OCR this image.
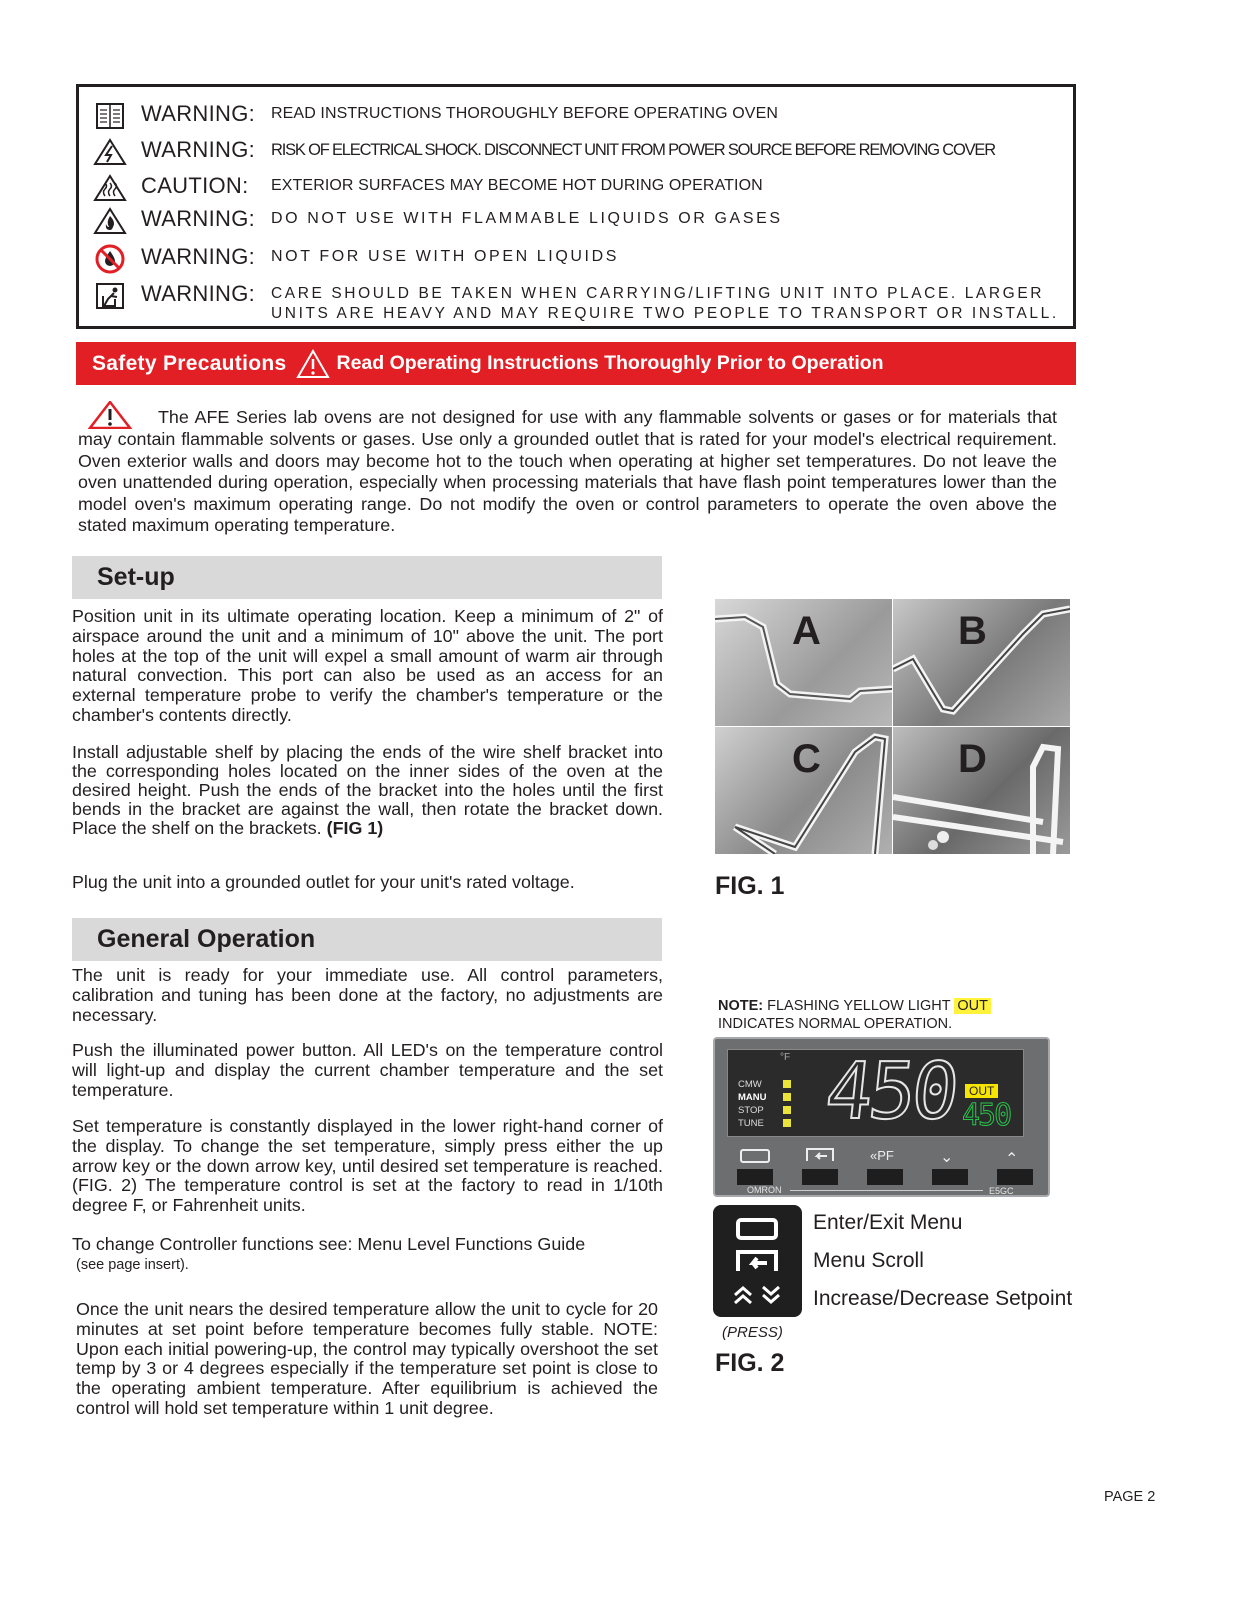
WARNING: READ INSTRUCTIONS THOROUGHLY BEFORE OPERATING OVEN
WARNING: RISK OF ELECTRICAL SHOCK. DISCONNECT UNIT FROM POWER SOURCE BEFORE REMOVING COVER
CAUTION:	EXTERIOR SURFACES MAY BECOME HOT DURING OPERATION
WARNING: DO NOT USE WITH FLAMMABLE LIQUIDS OR GASES
WARNING: NOT FOR USE WITH OPEN LIQUIDS
WARNING:	CARE SHOULD BE TAKEN WHEN CARRYING/LIFTING UNIT INTO PLACE. LARGER
UNITS ARE HEAVY AND MAY REQUIRE TWO PEOPLE TO TRANSPORT OR INSTALL.
Safety Precautions	Read Operating Instructions Thoroughly Prior to Operation
The AFE Series lab ovens are not designed for use with any flammable solvents or gases or for materials that may contain flammable solvents or gases. Use only a grounded outlet that is rated for your model's electrical requirement. Oven exterior walls and doors may become hot to the touch when operating at higher set temperatures. Do not leave the oven unattended during operation, especially when processing materials that have flash point temperatures lower than the model oven's maximum operating range. Do not modify the oven or control parameters to operate the oven above the stated maximum operating temperature.
Set-up
Position unit in its ultimate operating location. Keep a minimum of 2" of airspace around the unit and a minimum of 10" above the unit. The port holes at the top of the unit will expel a small amount of warm air through natural convection. This port can also be used as an access for an external temperature probe to verify the chamber's temperature or the chamber's contents directly.
Install adjustable shelf by placing the ends of the wire shelf bracket into the corresponding holes located on the inner sides of the oven at the desired height. Push the ends of the bracket into the holes until the first bends in the bracket are against the wall, then rotate the bracket down. Place the shelf on the brackets. (FIG 1)
Plug the unit into a grounded outlet for your unit's rated voltage.
General Operation
The unit is ready for your immediate use. All control parameters, calibration and tuning has been done at the factory, no adjustments are necessary.
Push the illuminated power button. All LED's on the temperature control will light-up and display the current chamber temperature and the set temperature.
Set temperature is constantly displayed in the lower right-hand corner of the display. To change the set temperature, simply press either the up arrow key or the down arrow key, until desired set temperature is reached. (FIG. 2) The temperature control is set at the factory to read in 1/10th degree F, or Fahrenheit units.
To change Controller functions see: Menu Level Functions Guide
(see page insert).
Once the unit nears the desired temperature allow the unit to cycle for 20 minutes at set point before temperature becomes fully stable. NOTE: Upon each initial powering-up, the control may typically overshoot the set temp by 3 or 4 degrees especially if the temperature set point is close to the operating ambient temperature. After equilibrium is achieved the control will hold set temperature within 1 unit degree.
A	B
C	D
FIG. 1
NOTE: FLASHING YELLOW LIGHT OUT
INDICATES NORMAL OPERATION.
°F
CMW
MANU
STOP
TUNE 450 OUT
450
«PF	⌄	⌃
OMRON	E5GC
Enter/Exit Menu
Menu Scroll
Increase/Decrease Setpoint
(PRESS)
FIG. 2
PAGE 2
